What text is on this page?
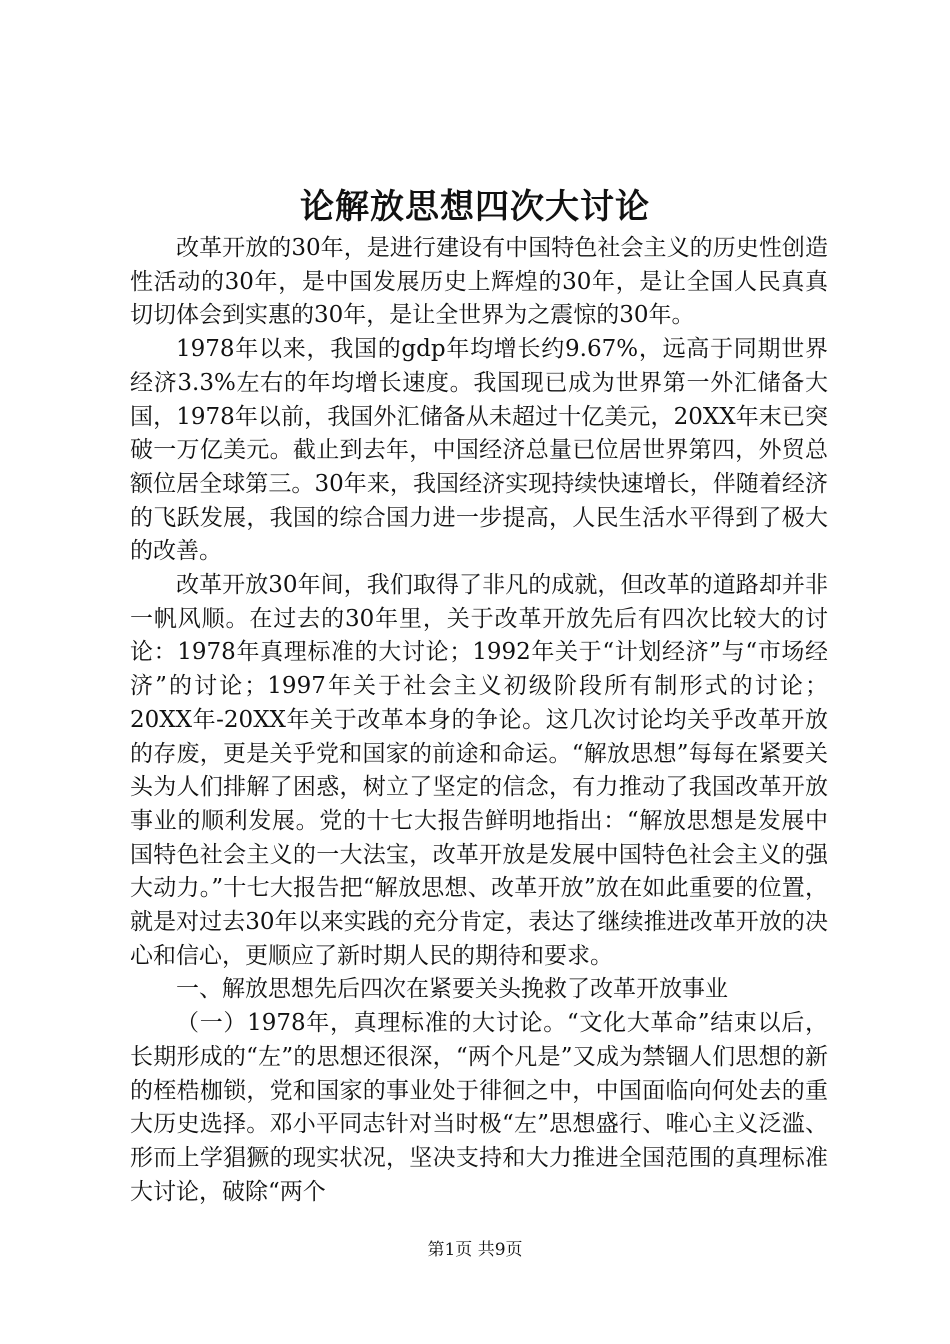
论解放思想四次大讨论

改革开放的30年，是进行建设有中国特色社会主义的历史性创造性活动的30年，是中国发展历史上辉煌的30年，是让全国人民真真切切体会到实惠的30年，是让全世界为之震惊的30年。

1978年以来，我国的gdp年均增长约9.67%，远高于同期世界经济3.3%左右的年均增长速度。我国现已成为世界第一外汇储备大国，1978年以前，我国外汇储备从未超过十亿美元，20XX年末已突破一万亿美元。截止到去年，中国经济总量已位居世界第四，外贸总额位居全球第三。30年来，我国经济实现持续快速增长，伴随着经济的飞跃发展，我国的综合国力进一步提高，人民生活水平得到了极大的改善。

改革开放30年间，我们取得了非凡的成就，但改革的道路却并非一帆风顺。在过去的30年里，关于改革开放先后有四次比较大的讨论：1978年真理标准的大讨论；1992年关于“计划经济”与“市场经济”的讨论；1997年关于社会主义初级阶段所有制形式的讨论；20XX年-20XX年关于改革本身的争论。这几次讨论均关乎改革开放的存废，更是关乎党和国家的前途和命运。“解放思想”每每在紧要关头为人们排解了困惑，树立了坚定的信念，有力推动了我国改革开放事业的顺利发展。党的十七大报告鲜明地指出：“解放思想是发展中国特色社会主义的一大法宝，改革开放是发展中国特色社会主义的强大动力。”十七大报告把“解放思想、改革开放”放在如此重要的位置，就是对过去30年以来实践的充分肯定，表达了继续推进改革开放的决心和信心，更顺应了新时期人民的期待和要求。

一、解放思想先后四次在紧要关头挽救了改革开放事业

（一）1978年，真理标准的大讨论。“文化大革命”结束以后，长期形成的“左”的思想还很深，“两个凡是”又成为禁锢人们思想的新的桎梏枷锁，党和国家的事业处于徘徊之中，中国面临向何处去的重大历史选择。邓小平同志针对当时极“左”思想盛行、唯心主义泛滥、形而上学猖獗的现实状况，坚决支持和大力推进全国范围的真理标准大讨论，破除“两个

第1页 共9页
